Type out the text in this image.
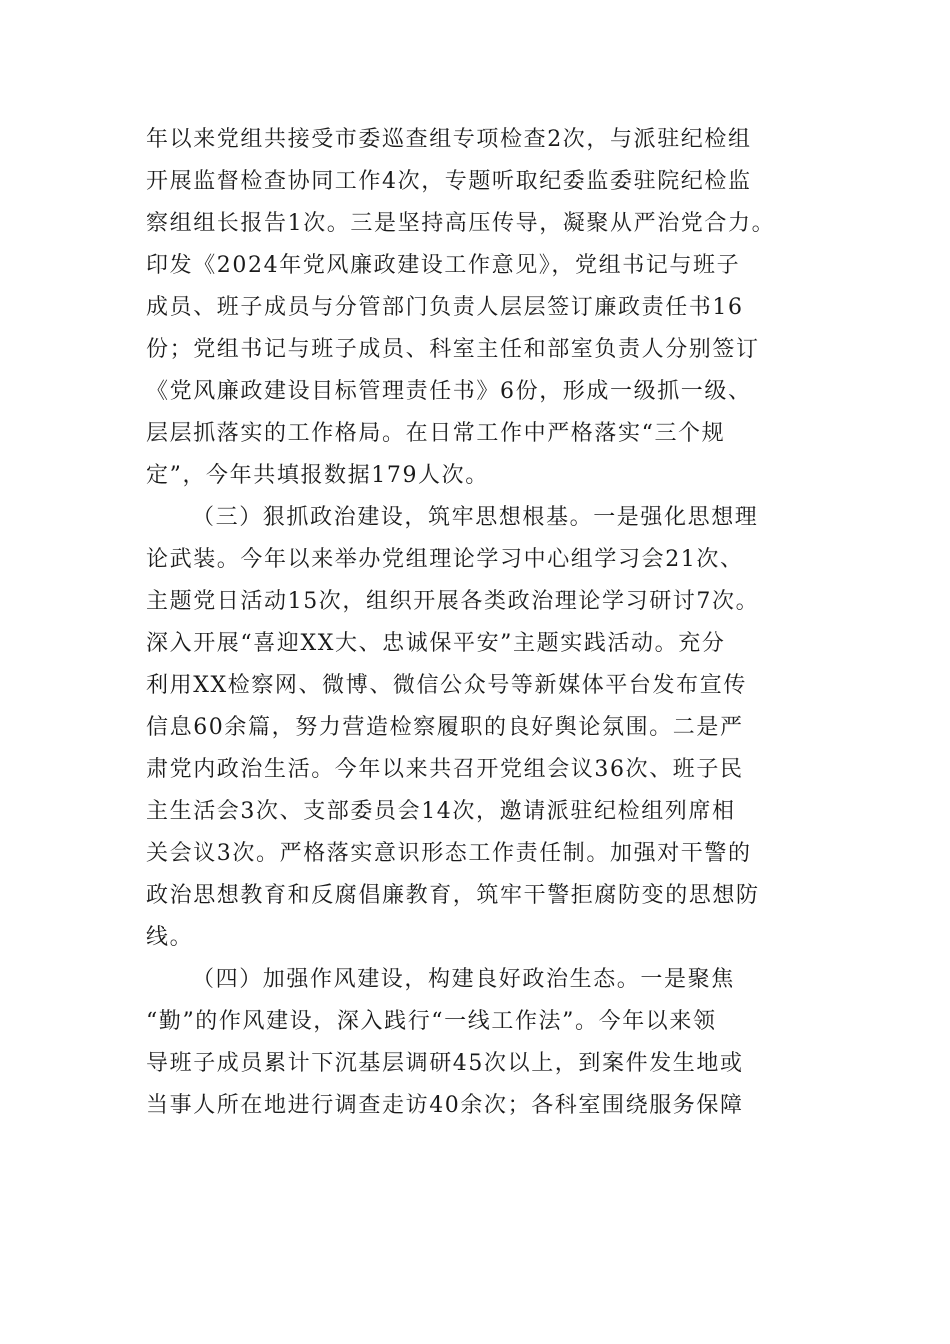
年以来党组共接受市委巡查组专项检查2次，与派驻纪检组
开展监督检查协同工作4次，专题听取纪委监委驻院纪检监
察组组长报告1次。三是坚持高压传导，凝聚从严治党合力。
印发《2024年党风廉政建设工作意见》，党组书记与班子
成员、班子成员与分管部门负责人层层签订廉政责任书16
份；党组书记与班子成员、科室主任和部室负责人分别签订
《党风廉政建设目标管理责任书》6份，形成一级抓一级、
层层抓落实的工作格局。在日常工作中严格落实“三个规
定”，今年共填报数据179人次。
（三）狠抓政治建设，筑牢思想根基。一是强化思想理
论武装。今年以来举办党组理论学习中心组学习会21次、
主题党日活动15次，组织开展各类政治理论学习研讨7次。
深入开展“喜迎XX大、忠诚保平安”主题实践活动。充分
利用XX检察网、微博、微信公众号等新媒体平台发布宣传
信息60余篇，努力营造检察履职的良好舆论氛围。二是严
肃党内政治生活。今年以来共召开党组会议36次、班子民
主生活会3次、支部委员会14次，邀请派驻纪检组列席相
关会议3次。严格落实意识形态工作责任制。加强对干警的
政治思想教育和反腐倡廉教育，筑牢干警拒腐防变的思想防
线。
（四）加强作风建设，构建良好政治生态。一是聚焦
“勤”的作风建设，深入践行“一线工作法”。今年以来领
导班子成员累计下沉基层调研45次以上，到案件发生地或
当事人所在地进行调查走访40余次；各科室围绕服务保障
